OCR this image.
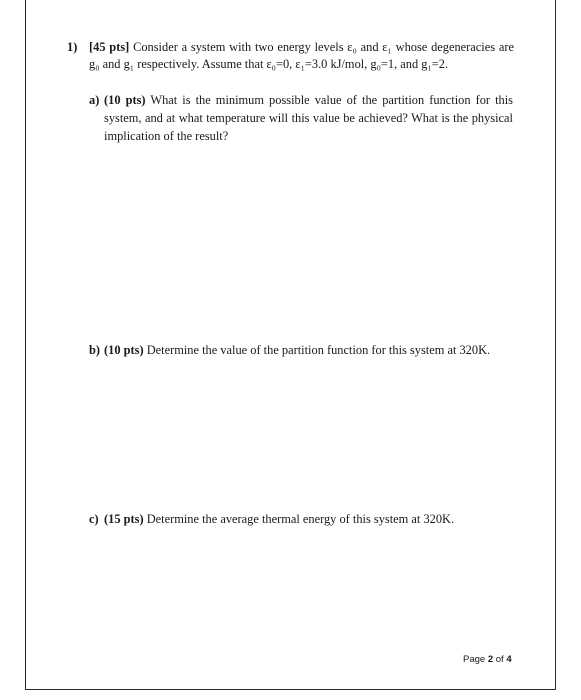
1) [45 pts] Consider a system with two energy levels ε₀ and ε₁ whose degeneracies are g₀ and g₁ respectively. Assume that ε₀=0, ε₁=3.0 kJ/mol, g₀=1, and g₁=2.
a) (10 pts) What is the minimum possible value of the partition function for this system, and at what temperature will this value be achieved? What is the physical implication of the result?
b) (10 pts) Determine the value of the partition function for this system at 320K.
c) (15 pts) Determine the average thermal energy of this system at 320K.
Page 2 of 4
